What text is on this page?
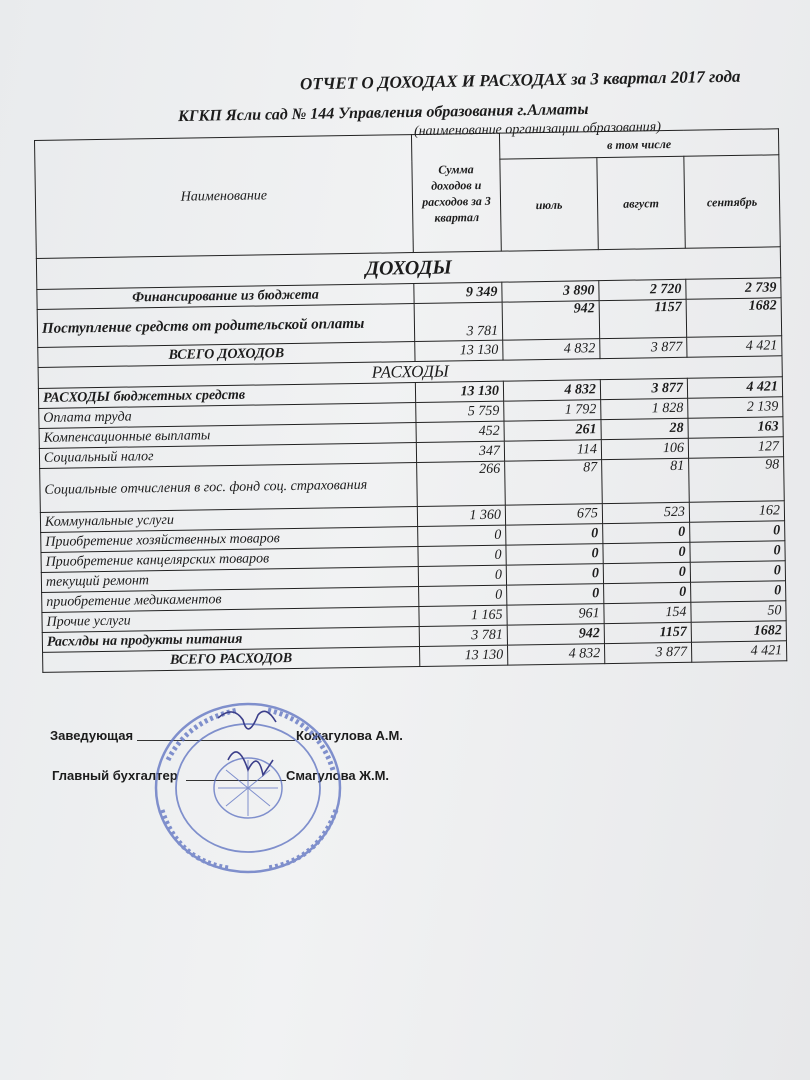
ОТЧЕТ О ДОХОДАХ И РАСХОДАХ за 3 квартал 2017 года
КГКП Ясли сад № 144 Управления образования г.Алматы
(наименование организации образования)
Наименование	Сумма доходов и расходов за 3 квартал	в том числе		
		июль	август	сентябрь
ДОХОДЫ				
Финансирование из бюджета	9 349	3 890	2 720	2 739
Поступление средств от родительской оплаты	3 781	942	1157	1682
ВСЕГО ДОХОДОВ	13 130	4 832	3 877	4 421
РАСХОДЫ				
РАСХОДЫ бюджетных средств	13 130	4 832	3 877	4 421
Оплата труда	5 759	1 792	1 828	2 139
Компенсационные выплаты	452	261	28	163
Социальный налог	347	114	106	127
Социальные отчисления в гос. фонд соц. страхования	266	87	81	98
Коммунальные услуги	1 360	675	523	162
Приобретение хозяйственных товаров	0	0	0	0
Приобретение канцелярских товаров	0	0	0	0
текущий ремонт	0	0	0	0
приобретение медикаментов	0	0	0	0
Прочие услуги	1 165	961	154	50
Расхлды на продукты питания	3 781	942	1157	1682
ВСЕГО РАСХОДОВ	13 130	4 832	3 877	4 421
Заведующая	Кожагулова А.М.
Главный бухгалтер	Смагулова Ж.М.
